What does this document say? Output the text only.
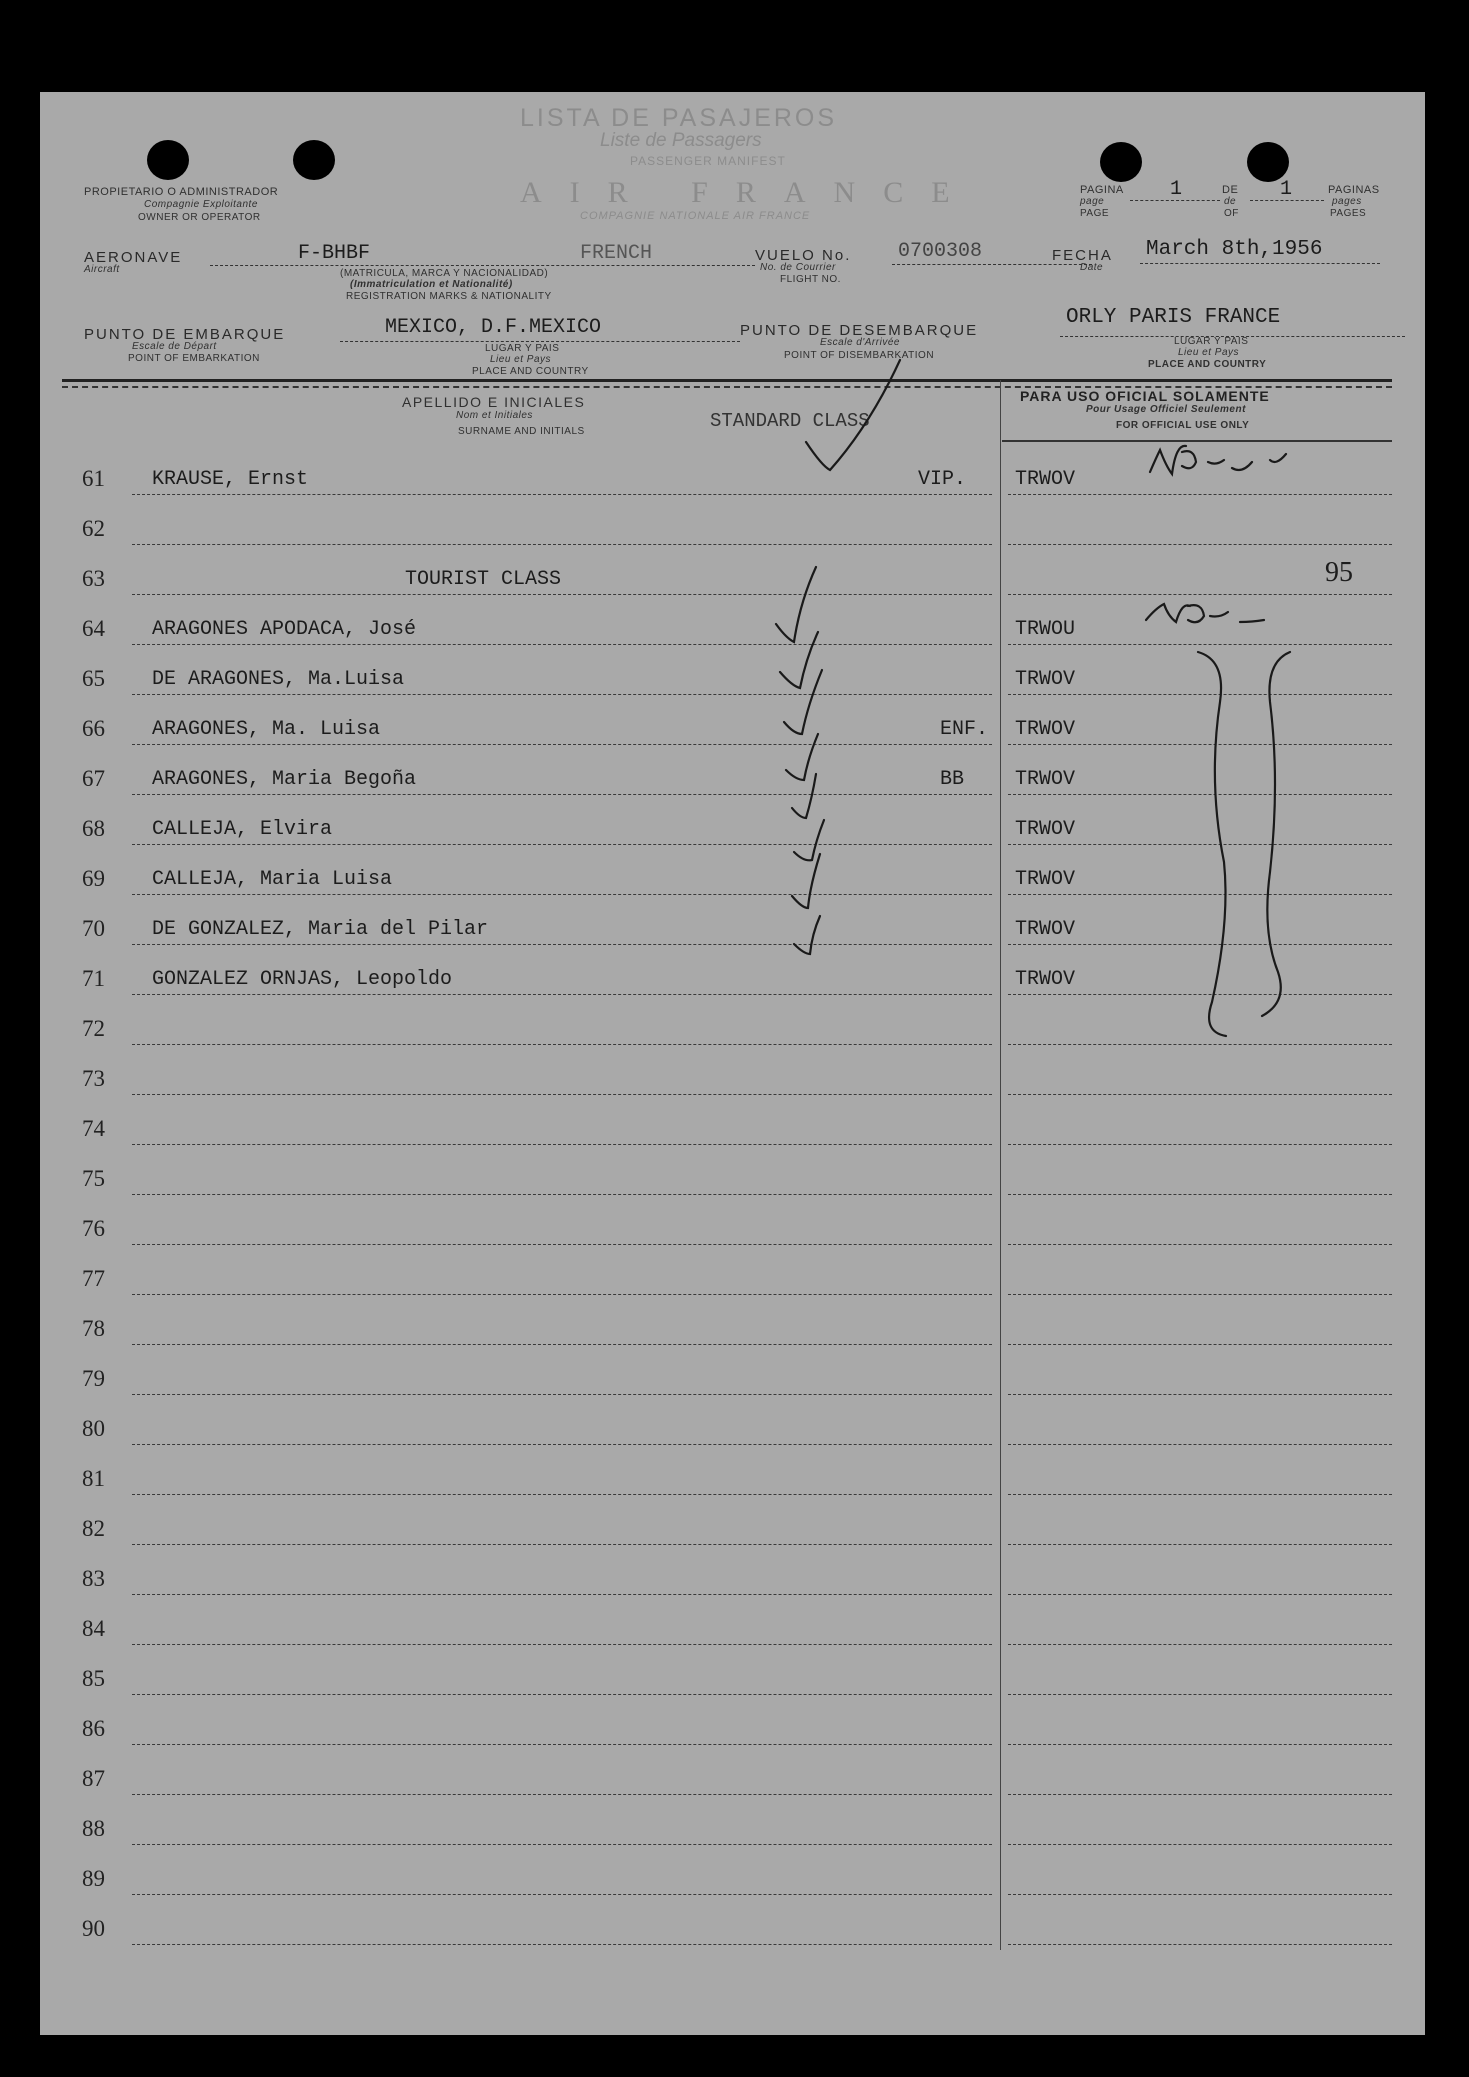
LISTA DE PASAJEROS
Liste de Passagers
PASSENGER MANIFEST
AIR FRANCE
COMPAGNIE NATIONALE AIR FRANCE
PROPIETARIO O ADMINISTRADOR
Compagnie Exploitante
OWNER OR OPERATOR
PAGINA
page
PAGE
1	DE
de
OF
1	PAGINAS
pages
PAGES
AERONAVE
Aircraft
F-BHBF	FRENCH
(MATRICULA, MARCA Y NACIONALIDAD)
(Immatriculation et Nationalité)
REGISTRATION MARKS & NATIONALITY
VUELO No.
No. de Courrier
FLIGHT NO.
0700308	FECHA
Date
March 8th,1956
PUNTO DE EMBARQUE
Escale de Départ
POINT OF EMBARKATION
MEXICO, D.F.MEXICO
LUGAR Y PAIS
Lieu et Pays
PLACE AND COUNTRY
PUNTO DE DESEMBARQUE
Escale d'Arrivée
POINT OF DISEMBARKATION
ORLY PARIS FRANCE
LUGAR Y PAIS
Lieu et Pays
PLACE AND COUNTRY
APELLIDO E INICIALES
Nom et Initiales
SURNAME AND INITIALS	STANDARD CLASS
PARA USO OFICIAL SOLAMENTE
Pour Usage Officiel Seulement
FOR OFFICIAL USE ONLY
61	KRAUSE, Ernst	VIP. TRWOV
62
63	TOURIST CLASS
64	ARAGONES APODACA, José	TRWOU
65	DE ARAGONES, Ma.Luisa	TRWOV
66	ARAGONES, Ma. Luisa	ENF. TRWOV
67	ARAGONES, Maria Begoña	BB	TRWOV
68	CALLEJA, Elvira	TRWOV
69	CALLEJA, Maria Luisa	TRWOV
70	DE GONZALEZ, Maria del Pilar	TRWOV
71	GONZALEZ ORNJAS, Leopoldo	TRWOV
72
73
74
75
76
77
78
79
80
81
82
83
84
85
86
87
88
89
90
95
